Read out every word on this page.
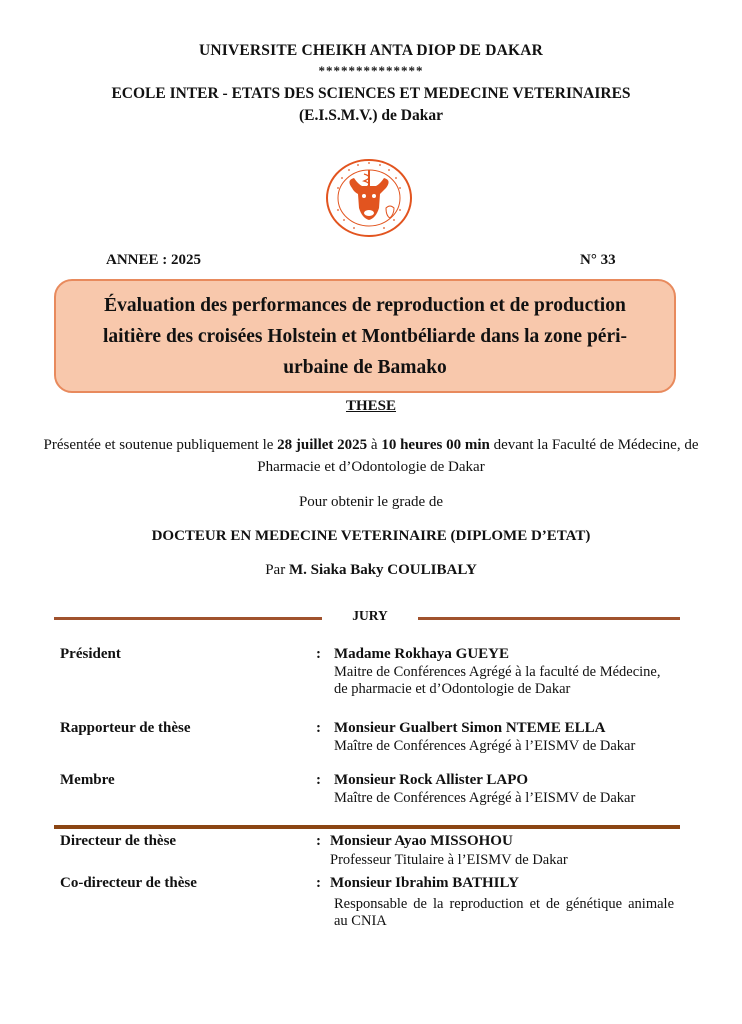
UNIVERSITE CHEIKH ANTA DIOP DE DAKAR
**************
ECOLE INTER - ETATS DES SCIENCES ET MEDECINE VETERINAIRES
(E.I.S.M.V.) de Dakar
ANNEE : 2025	N° 33

Évaluation des performances de reproduction et de production laitière des croisées Holstein et Montbéliarde dans la zone péri-urbaine de Bamako

THESE
Présentée et soutenue publiquement le 28 juillet 2025 à 10 heures 00 min devant la Faculté de Médecine, de Pharmacie et d’Odontologie de Dakar
Pour obtenir le grade de
DOCTEUR EN MEDECINE VETERINAIRE (DIPLOME D’ETAT)
Par M. Siaka Baky COULIBALY
JURY
Président	: Madame Rokhaya GUEYE
Maitre de Conférences Agrégé à la faculté de Médecine, de pharmacie et d’Odontologie de Dakar
Rapporteur de thèse	: Monsieur Gualbert Simon NTEME ELLA
Maître de Conférences Agrégé à l’EISMV de Dakar
Membre	: Monsieur Rock Allister LAPO
Maître de Conférences Agrégé à l’EISMV de Dakar
Directeur de thèse	: Monsieur Ayao MISSOHOU
Professeur Titulaire à l’EISMV de Dakar
Co-directeur de thèse	: Monsieur Ibrahim BATHILY
Responsable de la reproduction et de génétique animale au CNIA
